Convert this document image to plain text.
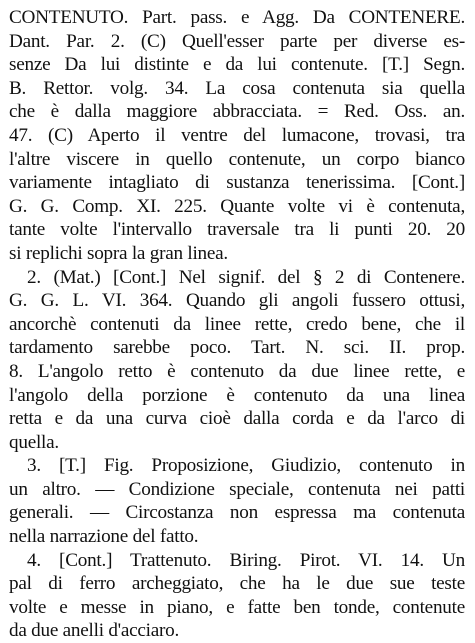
CONTENUTO. Part. pass. e Agg. Da CONTENERE.
Dant. Par. 2. (C) Quell'esser parte per diverse es-
senze Da lui distinte e da lui contenute. [T.] Segn.
B. Rettor. volg. 34. La cosa contenuta sia quella
che è dalla maggiore abbracciata. = Red. Oss. an.
47. (C) Aperto il ventre del lumacone, trovasi, tra
l'altre viscere in quello contenute, un corpo bianco
variamente intagliato di sustanza tenerissima. [Cont.]
G. G. Comp. XI. 225. Quante volte vi è contenuta,
tante volte l'intervallo traversale tra li punti 20. 20
si replichi sopra la gran linea.
2. (Mat.) [Cont.] Nel signif. del § 2 di Contenere.
G. G. L. VI. 364. Quando gli angoli fussero ottusi,
ancorchè contenuti da linee rette, credo bene, che il
tardamento sarebbe poco. Tart. N. sci. II. prop.
8. L'angolo retto è contenuto da due linee rette, e
l'angolo della porzione è contenuto da una linea
retta e da una curva cioè dalla corda e da l'arco di
quella.
3. [T.] Fig. Proposizione, Giudizio, contenuto in
un altro. — Condizione speciale, contenuta nei patti
generali. — Circostanza non espressa ma contenuta
nella narrazione del fatto.
4. [Cont.] Trattenuto. Biring. Pirot. VI. 14. Un
pal di ferro archeggiato, che ha le due sue teste
volte e messe in piano, e fatte ben tonde, contenute
da due anelli d'acciaro.
